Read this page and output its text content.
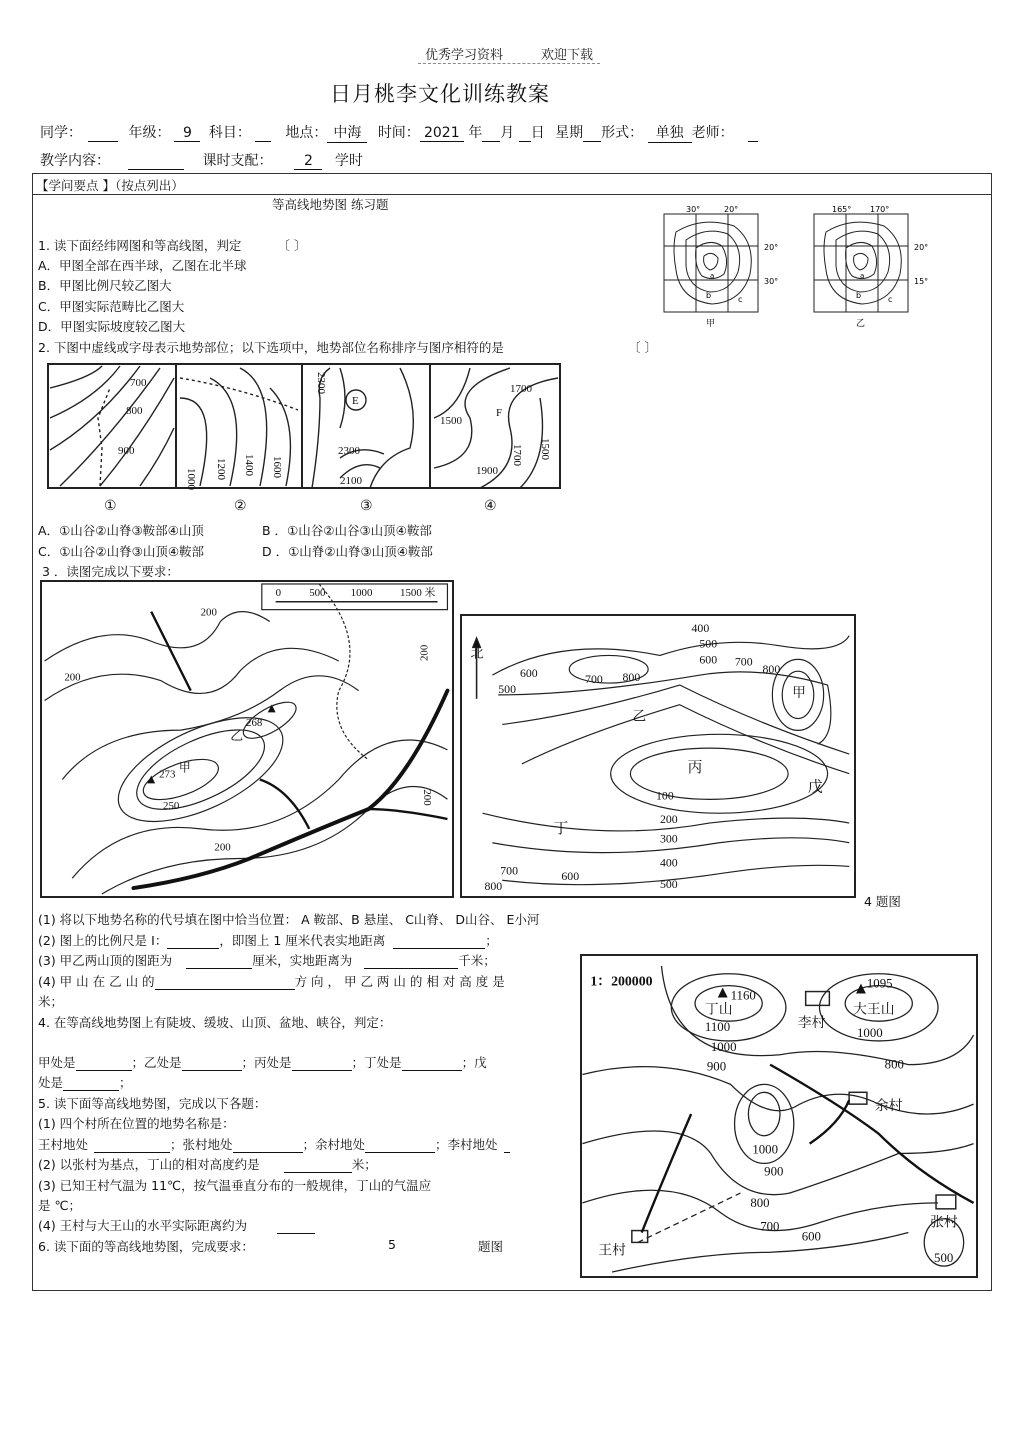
优秀学习资料	欢迎下载
日月桃李文化训练教案
同学：	年级： 9 科目： 地点： 中海 时间： 2021 年 月 日 星期 形式： 单独 老师：
教学内容：	课时支配： 2 学时
【学问要点 】（按点列出）
等高线地势图 练习题
1. 读下面经纬网图和等高线图，判定	〔 〕
A．甲图全部在西半球，乙图在北半球
B．甲图比例尺较乙图大
C．甲图实际范畴比乙图大
D．甲图实际坡度较乙图大
30°	20°
20°
30°
a
b	c
甲
165° 170°
20°
15°
a
b	c
乙
2. 下图中虚线或字母表示地势部位；以下选项中，地势部位名称排序与图序相符的是	〔 〕
700
800
900
1000 1200 1400 1600
2300
2300
2100
E
1700
1500
F
1900
1700 1500
①	②	③	④
A．①山谷②山脊③鞍部④山顶	B ．①山谷②山谷③山顶④鞍部
C．①山谷②山脊③山顶④鞍部	D ．①山脊②山脊③山顶④鞍部
3 ．读图完成以下要求：
0	500 1000	1500 米
200
200
200
200
250
200
268
273
乙
甲
北
400
500
600
700 800
600
700
800
500	甲
乙
丙
戊
丁
100
200
300
400
500
700	600
800
4 题图
(1) 将以下地势名称的代号填在图中恰当位置： A 鞍部、B 悬崖、 C山脊、 D山谷、 E小河
(2) 图上的比例尺是 I：	，即图上 1 厘米代表实地距离	；
(3) 甲乙两山顶的图距为	厘米，实地距离为	千米；
(4) 甲 山 在 乙 山 的	方 向 ， 甲 乙 两 山 的 相 对 高 度 是
米；
4. 在等高线地势图上有陡坡、缓坡、山顶、盆地、峡谷，判定：
甲处是	；乙处是	；丙处是	；丁处是	；戊
处是	；
5. 读下面等高线地势图，完成以下各题：
(1) 四个村所在位置的地势名称是：
王村地处	；张村地处	；余村地处	；李村地处
(2) 以张村为基点，丁山的相对高度约是	米；
(3) 已知王村气温为 11℃，按气温垂直分布的一般规律，丁山的气温应
是 ℃；
(4) 王村与大王山的水平实际距离约为
1：200000
1160
丁山
1100
1000
1095
大王山
1000
李村
800
900
余村
1000
900
800
700
600
王村
张村
500
6. 读下面的等高线地势图，完成要求：	5	题图
